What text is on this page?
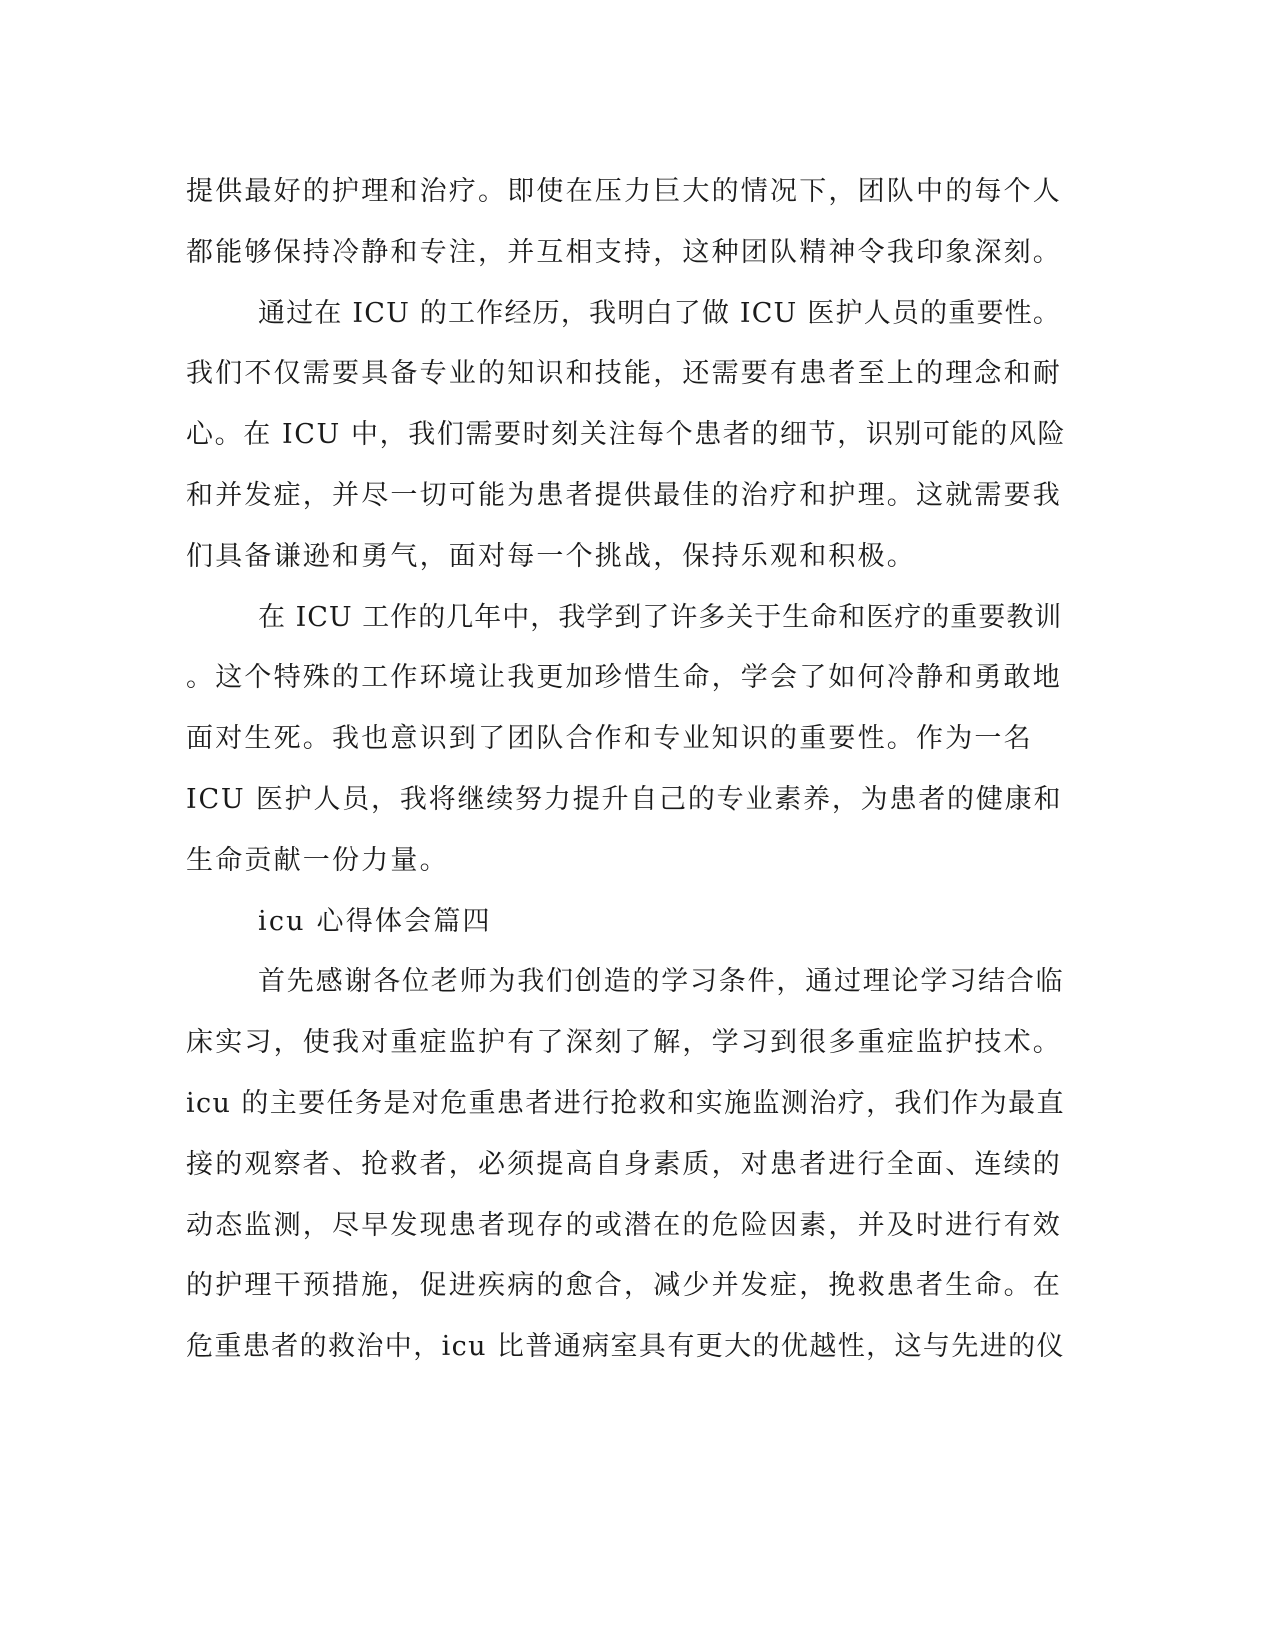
提供最好的护理和治疗。即使在压力巨大的情况下，团队中的每个人
都能够保持冷静和专注，并互相支持，这种团队精神令我印象深刻。
通过在 ICU 的工作经历，我明白了做 ICU 医护人员的重要性。
我们不仅需要具备专业的知识和技能，还需要有患者至上的理念和耐
心。在 ICU 中，我们需要时刻关注每个患者的细节，识别可能的风险
和并发症，并尽一切可能为患者提供最佳的治疗和护理。这就需要我
们具备谦逊和勇气，面对每一个挑战，保持乐观和积极。
在 ICU 工作的几年中，我学到了许多关于生命和医疗的重要教训
。这个特殊的工作环境让我更加珍惜生命，学会了如何冷静和勇敢地
面对生死。我也意识到了团队合作和专业知识的重要性。作为一名
ICU 医护人员，我将继续努力提升自己的专业素养，为患者的健康和
生命贡献一份力量。
icu 心得体会篇四
首先感谢各位老师为我们创造的学习条件，通过理论学习结合临
床实习，使我对重症监护有了深刻了解，学习到很多重症监护技术。
icu 的主要任务是对危重患者进行抢救和实施监测治疗，我们作为最直
接的观察者、抢救者，必须提高自身素质，对患者进行全面、连续的
动态监测，尽早发现患者现存的或潜在的危险因素，并及时进行有效
的护理干预措施，促进疾病的愈合，减少并发症，挽救患者生命。在
危重患者的救治中，icu 比普通病室具有更大的优越性，这与先进的仪
